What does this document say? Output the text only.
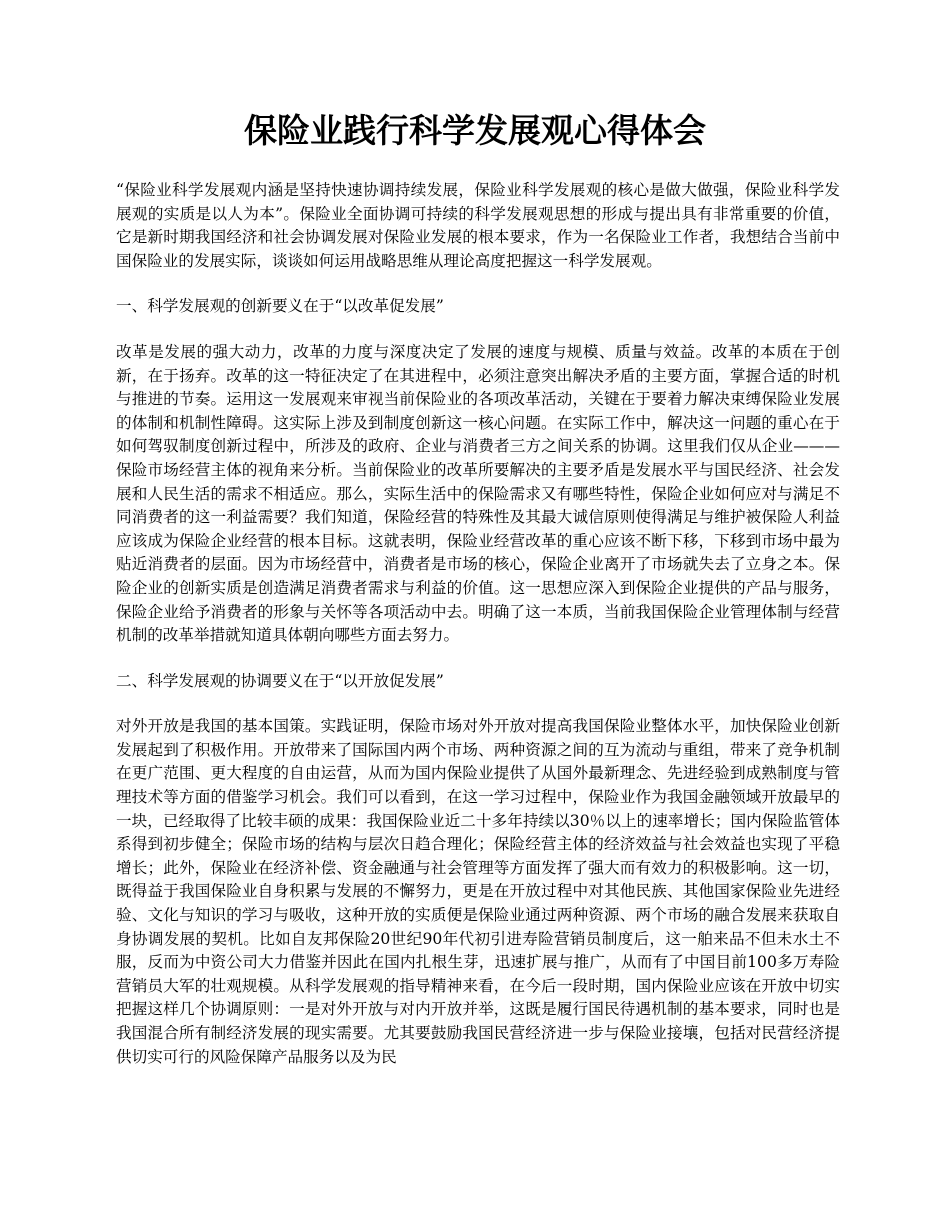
保险业践行科学发展观心得体会

“保险业科学发展观内涵是坚持快速协调持续发展，保险业科学发展观的核心是做大做强，保险业科学发展观的实质是以人为本”。保险业全面协调可持续的科学发展观思想的形成与提出具有非常重要的价值，它是新时期我国经济和社会协调发展对保险业发展的根本要求，作为一名保险业工作者，我想结合当前中国保险业的发展实际，谈谈如何运用战略思维从理论高度把握这一科学发展观。

一、科学发展观的创新要义在于“以改革促发展”

改革是发展的强大动力，改革的力度与深度决定了发展的速度与规模、质量与效益。改革的本质在于创新，在于扬弃。改革的这一特征决定了在其进程中，必须注意突出解决矛盾的主要方面，掌握合适的时机与推进的节奏。运用这一发展观来审视当前保险业的各项改革活动，关键在于要着力解决束缚保险业发展的体制和机制性障碍。这实际上涉及到制度创新这一核心问题。在实际工作中，解决这一问题的重心在于如何驾驭制度创新过程中，所涉及的政府、企业与消费者三方之间关系的协调。这里我们仅从企业———保险市场经营主体的视角来分析。当前保险业的改革所要解决的主要矛盾是发展水平与国民经济、社会发展和人民生活的需求不相适应。那么，实际生活中的保险需求又有哪些特性，保险企业如何应对与满足不同消费者的这一利益需要？我们知道，保险经营的特殊性及其最大诚信原则使得满足与维护被保险人利益应该成为保险企业经营的根本目标。这就表明，保险业经营改革的重心应该不断下移，下移到市场中最为贴近消费者的层面。因为市场经营中，消费者是市场的核心，保险企业离开了市场就失去了立身之本。保险企业的创新实质是创造满足消费者需求与利益的价值。这一思想应深入到保险企业提供的产品与服务，保险企业给予消费者的形象与关怀等各项活动中去。明确了这一本质，当前我国保险企业管理体制与经营机制的改革举措就知道具体朝向哪些方面去努力。

二、科学发展观的协调要义在于“以开放促发展”

对外开放是我国的基本国策。实践证明，保险市场对外开放对提高我国保险业整体水平，加快保险业创新发展起到了积极作用。开放带来了国际国内两个市场、两种资源之间的互为流动与重组，带来了竞争机制在更广范围、更大程度的自由运营，从而为国内保险业提供了从国外最新理念、先进经验到成熟制度与管理技术等方面的借鉴学习机会。我们可以看到，在这一学习过程中，保险业作为我国金融领域开放最早的一块，已经取得了比较丰硕的成果：我国保险业近二十多年持续以30％以上的速率增长；国内保险监管体系得到初步健全；保险市场的结构与层次日趋合理化；保险经营主体的经济效益与社会效益也实现了平稳增长；此外，保险业在经济补偿、资金融通与社会管理等方面发挥了强大而有效力的积极影响。这一切，既得益于我国保险业自身积累与发展的不懈努力，更是在开放过程中对其他民族、其他国家保险业先进经验、文化与知识的学习与吸收，这种开放的实质便是保险业通过两种资源、两个市场的融合发展来获取自身协调发展的契机。比如自友邦保险20世纪90年代初引进寿险营销员制度后，这一舶来品不但未水土不服，反而为中资公司大力借鉴并因此在国内扎根生芽，迅速扩展与推广，从而有了中国目前100多万寿险营销员大军的壮观规模。从科学发展观的指导精神来看，在今后一段时期，国内保险业应该在开放中切实把握这样几个协调原则：一是对外开放与对内开放并举，这既是履行国民待遇机制的基本要求，同时也是我国混合所有制经济发展的现实需要。尤其要鼓励我国民营经济进一步与保险业接壤，包括对民营经济提供切实可行的风险保障产品服务以及为民
